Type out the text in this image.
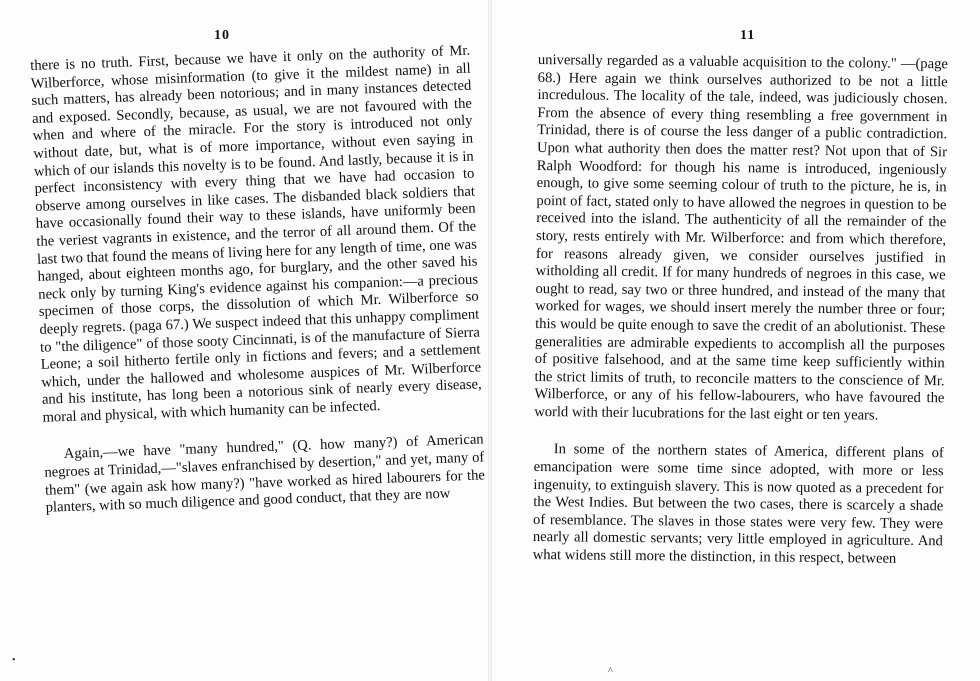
10

there is no truth. First, because we have it only on the authority of Mr. Wilberforce, whose misinformation (to give it the mildest name) in all such matters, has already been notorious; and in many instances detected and exposed. Secondly, because, as usual, we are not favoured with the when and where of the miracle. For the story is introduced not only without date, but, what is of more importance, without even saying in which of our islands this novelty is to be found. And lastly, because it is in perfect inconsistency with every thing that we have had occasion to observe among ourselves in like cases. The disbanded black soldiers that have occasionally found their way to these islands, have uniformly been the veriest vagrants in existence, and the terror of all around them. Of the last two that found the means of living here for any length of time, one was hanged, about eighteen months ago, for burglary, and the other saved his neck only by turning King's evidence against his companion:—a precious specimen of those corps, the dissolution of which Mr. Wilberforce so deeply regrets. (paga 67.) We suspect indeed that this unhappy compliment to "the diligence" of those sooty Cincinnati, is of the manufacture of Sierra Leone; a soil hitherto fertile only in fictions and fevers; and a settlement which, under the hallowed and wholesome auspices of Mr. Wilberforce and his institute, has long been a notorious sink of nearly every disease, moral and physical, with which humanity can be infected.

Again,—we have "many hundred," (Q. how many?) of American negroes at Trinidad,—"slaves enfranchised by desertion," and yet, many of them" (we again ask how many?) "have worked as hired labourers for the planters, with so much diligence and good conduct, that they are now

•
11

universally regarded as a valuable acquisition to the colony." —(page 68.) Here again we think ourselves authorized to be not a little incredulous. The locality of the tale, indeed, was judiciously chosen. From the absence of every thing resembling a free government in Trinidad, there is of course the less danger of a public contradiction. Upon what authority then does the matter rest? Not upon that of Sir Ralph Woodford: for though his name is introduced, ingeniously enough, to give some seeming colour of truth to the picture, he is, in point of fact, stated only to have allowed the negroes in question to be received into the island. The authenticity of all the remainder of the story, rests entirely with Mr. Wilberforce: and from which therefore, for reasons already given, we consider ourselves justified in witholding all credit. If for many hundreds of negroes in this case, we ought to read, say two or three hundred, and instead of the many that worked for wages, we should insert merely the number three or four; this would be quite enough to save the credit of an abolutionist. These generalities are admirable expedients to accomplish all the purposes of positive falsehood, and at the same time keep sufficiently within the strict limits of truth, to reconcile matters to the conscience of Mr. Wilberforce, or any of his fellow-labourers, who have favoured the world with their lucubrations for the last eight or ten years.

In some of the northern states of America, different plans of emancipation were some time since adopted, with more or less ingenuity, to extinguish slavery. This is now quoted as a precedent for the West Indies. But between the two cases, there is scarcely a shade of resemblance. The slaves in those states were very few. They were nearly all domestic servants; very little employed in agriculture. And what widens still more the distinction, in this respect, between

^
